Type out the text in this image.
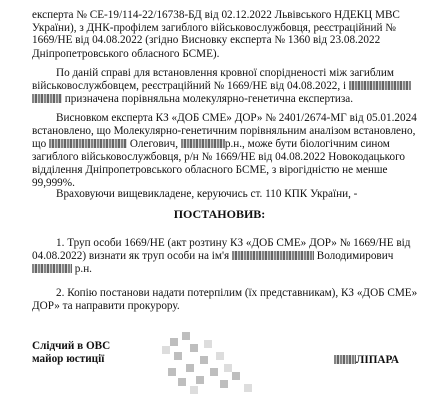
експерта № СЕ-19/114-22/16738-БД від 02.12.2022 Львівського НДЕКЦ МВС
України), з ДНК-профілем загиблого військовослужбовця, реєстраційний № 1669/НЕ від 04.08.2022 (згідно Висновку експерта № 1360 від 23.08.2022
Дніпропетровського обласного БСМЕ).
По даній справі для встановлення кровної спорідненості між загиблим
військовослужбовцем, реєстраційний № 1669/НЕ від 04.08.2022, і
призначена порівняльна молекулярно-генетична експертиза.
Висновком експерта КЗ «ДОБ СМЕ» ДОР» № 2401/2674-МГ від 05.01.2024
встановлено, що Молекулярно-генетичним порівняльним аналізом встановлено,
що	Олегович,	р.н., може бути біологічним сином
загиблого військовослужбовця, р/н № 1669/НЕ від 04.08.2022 Новокодацького
відділення Дніпропетровського обласного БСМЕ, з вірогідністю не менше
99,999%.
Враховуючи вищевикладене, керуючись ст. 110 КПК України, -
ПОСТАНОВИВ:
1. Труп особи 1669/НЕ (акт розтину КЗ «ДОБ СМЕ» ДОР» № 1669/НЕ від
04.08.2022) визнати як труп особи на ім'я	Володимирович
р.н.
2. Копію постанови надати потерпілим (їх представникам), КЗ «ДОБ СМЕ»
ДОР» та направити прокурору.
Слідчий в ОВС
майор юстиції	ЛІПАРА
